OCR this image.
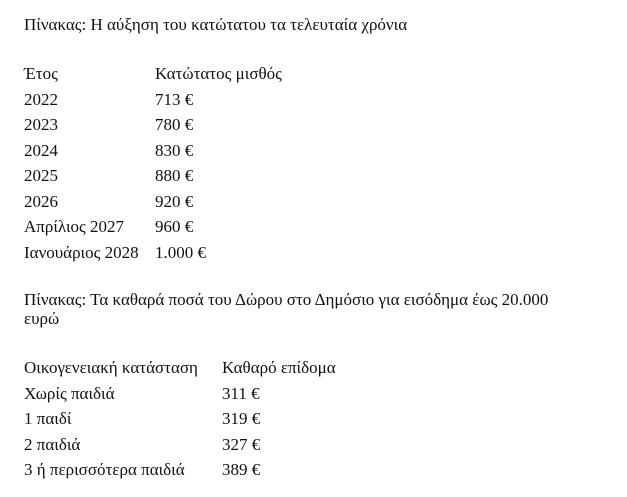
Πίνακας: Η αύξηση του κατώτατου τα τελευταία χρόνια
Έτος	Κατώτατος μισθός
2022	713 €
2023	780 €
2024	830 €
2025	880 €
2026	920 €
Απρίλιος 2027	960 €
Ιανουάριος 2028	1.000 €
Πίνακας: Τα καθαρά ποσά του Δώρου στο Δημόσιο για εισόδημα έως 20.000 ευρώ
Οικογενειακή κατάσταση	Καθαρό επίδομα
Χωρίς παιδιά	311 €
1 παιδί	319 €
2 παιδιά	327 €
3 ή περισσότερα παιδιά	389 €
